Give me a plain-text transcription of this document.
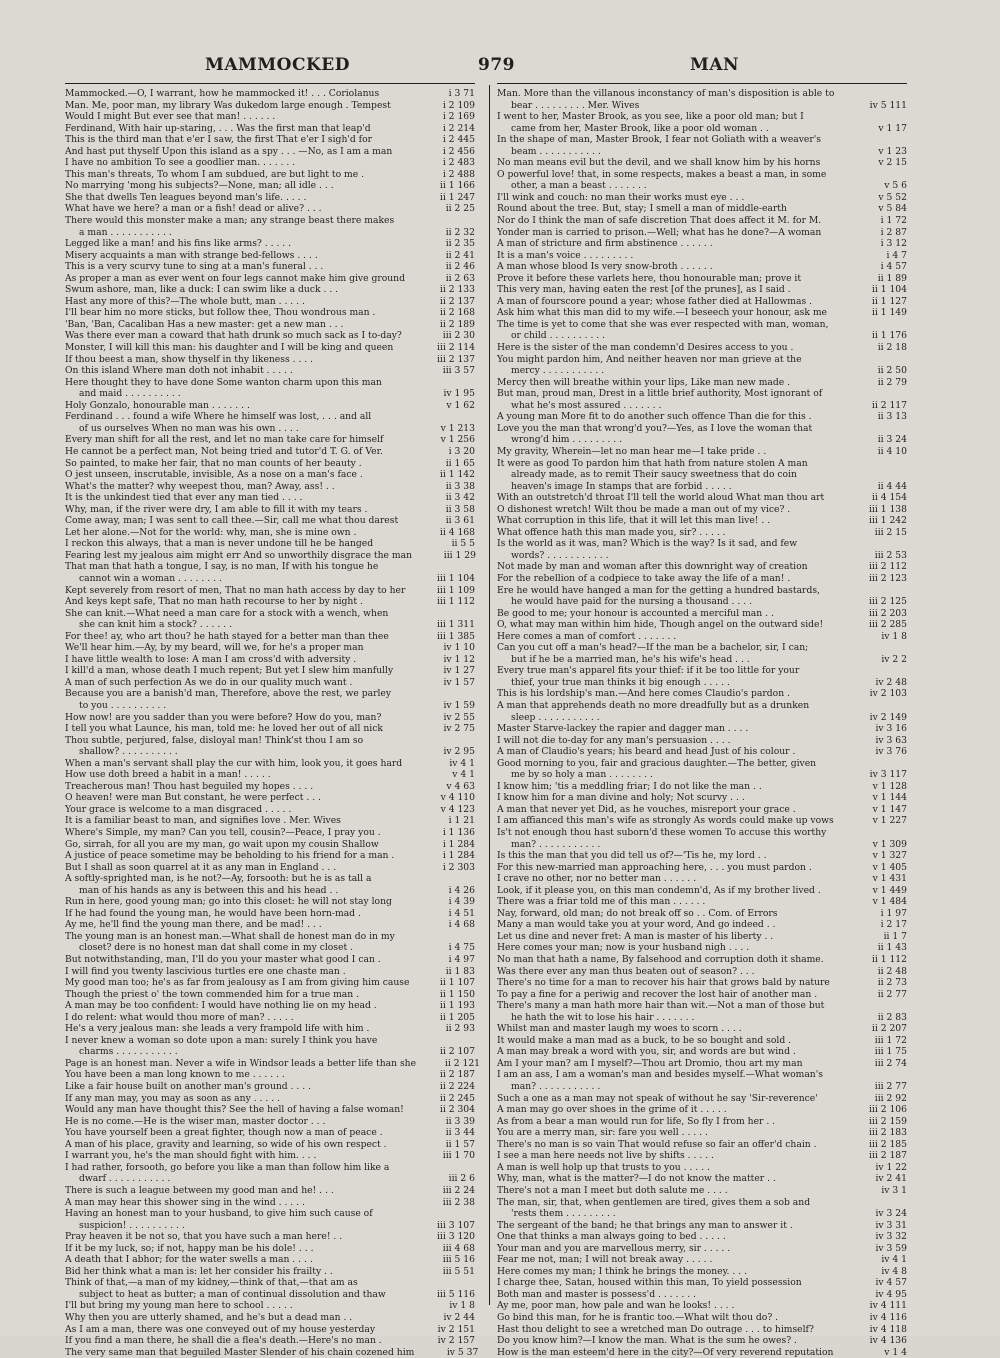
MAMMOCKED	979	MAN
Mammocked.—O, I warrant, how he mammocked it! . . . Coriolanus	i 3 71
Man. Me, poor man, my library Was dukedom large enough . Tempest	i 2 109
Would I might But ever see that man! . . . . . .	i 2 169
Ferdinand, With hair up-staring, . . . Was the first man that leap'd	i 2 214
This is the third man that e'er I saw, the first That e'er I sigh'd for	i 2 445
And hast put thyself Upon this island as a spy . . . —No, as I am a man	i 2 456
I have no ambition To see a goodlier man. . . . . . .	i 2 483
This man's threats, To whom I am subdued, are but light to me .	i 2 488
No marrying 'mong his subjects?—None, man; all idle . . .	ii 1 166
She that dwells Ten leagues beyond man's life. . . . .	ii 1 247
What have we here? a man or a fish! dead or alive? . . .	ii 2 25
There would this monster make a man; any strange beast there makes
a man . . . . . . . . . . .	ii 2 32
Legged like a man! and his fins like arms? . . . . .	ii 2 35
Misery acquaints a man with strange bed-fellows . . . .	ii 2 41
This is a very scurvy tune to sing at a man's funeral . . .	ii 2 46
As proper a man as ever went on four legs cannot make him give ground	ii 2 63
Swum ashore, man, like a duck: I can swim like a duck . . .	ii 2 133
Hast any more of this?—The whole butt, man . . . . .	ii 2 137
I'll bear him no more sticks, but follow thee, Thou wondrous man .	ii 2 168
'Ban, 'Ban, Cacaliban Has a new master: get a new man . . .	ii 2 189
Was there ever man a coward that hath drunk so much sack as I to-day?	iii 2 30
Monster, I will kill this man: his daughter and I will be king and queen	iii 2 114
If thou beest a man, show thyself in thy likeness . . . .	iii 2 137
On this island Where man doth not inhabit . . . . .	iii 3 57
Here thought they to have done Some wanton charm upon this man
and maid . . . . . . . . . .	iv 1 95
Holy Gonzalo, honourable man . . . . . . .	v 1 62
Ferdinand . . . found a wife Where he himself was lost, . . . and all
of us ourselves When no man was his own . . . .	v 1 213
Every man shift for all the rest, and let no man take care for himself	v 1 256
He cannot be a perfect man, Not being tried and tutor'd T. G. of Ver.	i 3 20
So painted, to make her fair, that no man counts of her beauty .	ii 1 65
O jest unseen, inscrutable, invisible, As a nose on a man's face .	ii 1 142
What's the matter? why weepest thou, man? Away, ass! . .	ii 3 38
It is the unkindest tied that ever any man tied . . . .	ii 3 42
Why, man, if the river were dry, I am able to fill it with my tears .	ii 3 58
Come away, man; I was sent to call thee.—Sir, call me what thou darest	ii 3 61
Let her alone.—Not for the world: why, man, she is mine own .	ii 4 168
I reckon this always, that a man is never undone till he be hanged	ii 5 5
Fearing lest my jealous aim might err And so unworthily disgrace the man	iii 1 29
That man that hath a tongue, I say, is no man, If with his tongue he
cannot win a woman . . . . . . . .	iii 1 104
Kept severely from resort of men, That no man hath access by day to her	iii 1 109
And keys kept safe, That no man hath recourse to her by night .	iii 1 112
She can knit.—What need a man care for a stock with a wench, when
she can knit him a stock? . . . . . .	iii 1 311
For thee! ay, who art thou? he hath stayed for a better man than thee	iii 1 385
We'll hear him.—Ay, by my beard, will we, for he's a proper man	iv 1 10
I have little wealth to lose: A man I am cross'd with adversity .	iv 1 12
I kill'd a man, whose death I much repent; But yet I slew him manfully	iv 1 27
A man of such perfection As we do in our quality much want .	iv 1 57
Because you are a banish'd man, Therefore, above the rest, we parley
to you . . . . . . . . . .	iv 1 59
How now! are you sadder than you were before? How do you, man?	iv 2 55
I tell you what Launce, his man, told me: he loved her out of all nick	iv 2 75
Thou subtle, perjured, false, disloyal man! Think'st thou I am so
shallow? . . . . . . . . . .	iv 2 95
When a man's servant shall play the cur with him, look you, it goes hard	iv 4 1
How use doth breed a habit in a man! . . . . .	v 4 1
Treacherous man! Thou hast beguiled my hopes . . . .	v 4 63
O heaven! were man But constant, he were perfect . . .	v 4 110
Your grace is welcome to a man disgraced . . . . .	v 4 123
It is a familiar beast to man, and signifies love . Mer. Wives	i 1 21
Where's Simple, my man? Can you tell, cousin?—Peace, I pray you .	i 1 136
Go, sirrah, for all you are my man, go wait upon my cousin Shallow	i 1 284
A justice of peace sometime may be beholding to his friend for a man .	i 1 284
But I shall as soon quarrel at it as any man in England . . .	i 2 303
A softly-sprighted man, is he not?—Ay, forsooth: but he is as tall a
man of his hands as any is between this and his head . .	i 4 26
Run in here, good young man; go into this closet: he will not stay long	i 4 39
If he had found the young man, he would have been horn-mad .	i 4 51
Ay me, he'll find the young man there, and be mad! . . .	i 4 68
The young man is an honest man.—What shall de honest man do in my
closet? dere is no honest man dat shall come in my closet .	i 4 75
But notwithstanding, man, I'll do you your master what good I can .	i 4 97
I will find you twenty lascivious turtles ere one chaste man .	ii 1 83
My good man too; he's as far from jealousy as I am from giving him cause	ii 1 107
Though the priest o' the town commended him for a true man .	ii 1 150
A man may be too confident: I would have nothing lie on my head .	ii 1 193
I do relent: what would thou more of man? . . . . .	ii 1 205
He's a very jealous man: she leads a very frampold life with him .	ii 2 93
I never knew a woman so dote upon a man: surely I think you have
charms . . . . . . . . . . .	ii 2 107
Page is an honest man. Never a wife in Windsor leads a better life than she	ii 2 121
You have been a man long known to me . . . . . .	ii 2 187
Like a fair house built on another man's ground . . . .	ii 2 224
If any man may, you may as soon as any . . . . .	ii 2 245
Would any man have thought this? See the hell of having a false woman!	ii 2 304
He is no come.—He is the wiser man, master doctor . . .	ii 3 39
You have yourself been a great fighter, though now a man of peace .	ii 3 44
A man of his place, gravity and learning, so wide of his own respect .	ii 1 57
I warrant you, he's the man should fight with him. . . .	iii 1 70
I had rather, forsooth, go before you like a man than follow him like a
dwarf . . . . . . . . . . .	iii 2 6
There is such a league between my good man and he! . . .	iii 2 24
A man may hear this shower sing in the wind . . . . .	iii 2 38
Having an honest man to your husband, to give him such cause of
suspicion! . . . . . . . . . .	iii 3 107
Pray heaven it be not so, that you have such a man here! . .	iii 3 120
If it be my luck, so; if not, happy man be his dole! . . .	iii 4 68
A death that I abhor; for the water swells a man . . . .	iii 5 16
Bid her think what a man is: let her consider his frailty . .	iii 5 51
Think of that,—a man of my kidney,—think of that,—that am as
subject to heat as butter; a man of continual dissolution and thaw	iii 5 116
I'll but bring my young man here to school . . . . .	iv 1 8
Why then you are utterly shamed, and he's but a dead man . .	iv 2 44
As I am a man, there was one conveyed out of my house yesterday	iv 2 151
If you find a man there, he shall die a flea's death.—Here's no man .	iv 2 157
The very same man that beguiled Master Slender of his chain cozened him	iv 5 37
Man. More than the villanous inconstancy of man's disposition is able to
bear . . . . . . . . . Mer. Wives	iv 5 111
I went to her, Master Brook, as you see, like a poor old man; but I
came from her, Master Brook, like a poor old woman . .	v 1 17
In the shape of man, Master Brook, I fear not Goliath with a weaver's
beam . . . . . . . . . . .	v 1 23
No man means evil but the devil, and we shall know him by his horns	v 2 15
O powerful love! that, in some respects, makes a beast a man, in some
other, a man a beast . . . . . . .	v 5 6
I'll wink and couch: no man their works must eye . . .	v 5 52
Round about the tree. But, stay; I smell a man of middle-earth	v 5 84
Nor do I think the man of safe discretion That does affect it M. for M.	i 1 72
Yonder man is carried to prison.—Well; what has he done?—A woman	i 2 87
A man of stricture and firm abstinence . . . . . .	i 3 12
It is a man's voice . . . . . . . . .	i 4 7
A man whose blood Is very snow-broth . . . . . .	i 4 57
Prove it before these varlets here, thou honourable man; prove it	ii 1 89
This very man, having eaten the rest [of the prunes], as I said .	ii 1 104
A man of fourscore pound a year; whose father died at Hallowmas .	ii 1 127
Ask him what this man did to my wife.—I beseech your honour, ask me	ii 1 149
The time is yet to come that she was ever respected with man, woman,
or child . . . . . . . . . .	ii 1 176
Here is the sister of the man condemn'd Desires access to you .	ii 2 18
You might pardon him, And neither heaven nor man grieve at the
mercy . . . . . . . . . . .	ii 2 50
Mercy then will breathe within your lips, Like man new made .	ii 2 79
But man, proud man, Drest in a little brief authority, Most ignorant of
what he's most assured . . . . . . .	ii 2 117
A young man More fit to do another such offence Than die for this .	ii 3 13
Love you the man that wrong'd you?—Yes, as I love the woman that
wrong'd him . . . . . . . . .	ii 3 24
My gravity, Wherein—let no man hear me—I take pride . .	ii 4 10
It were as good To pardon him that hath from nature stolen A man
already made, as to remit Their saucy sweetness that do coin
heaven's image In stamps that are forbid . . . . .	ii 4 44
With an outstretch'd throat I'll tell the world aloud What man thou art	ii 4 154
O dishonest wretch! Wilt thou be made a man out of my vice? .	iii 1 138
What corruption in this life, that it will let this man live! . .	iii 1 242
What offence hath this man made you, sir? . . . . .	iii 2 15
Is the world as it was, man? Which is the way? Is it sad, and few
words? . . . . . . . . . . .	iii 2 53
Not made by man and woman after this downright way of creation	iii 2 112
For the rebellion of a codpiece to take away the life of a man! .	iii 2 123
Ere he would have hanged a man for the getting a hundred bastards,
he would have paid for the nursing a thousand . . . .	iii 2 125
Be good to me; your honour is accounted a merciful man . .	iii 2 203
O, what may man within him hide, Though angel on the outward side!	iii 2 285
Here comes a man of comfort . . . . . . .	iv 1 8
Can you cut off a man's head?—If the man be a bachelor, sir, I can;
but if he be a married man, he's his wife's head . . .	iv 2 2
Every true man's apparel fits your thief: if it be too little for your
thief, your true man thinks it big enough . . . . .	iv 2 48
This is his lordship's man.—And here comes Claudio's pardon .	iv 2 103
A man that apprehends death no more dreadfully but as a drunken
sleep . . . . . . . . . . .	iv 2 149
Master Starve-lackey the rapier and dagger man . . . .	iv 3 16
I will not die to-day for any man's persuasion . . . .	iv 3 63
A man of Claudio's years; his beard and head Just of his colour .	iv 3 76
Good morning to you, fair and gracious daughter.—The better, given
me by so holy a man . . . . . . . .	iv 3 117
I know him; 'tis a meddling friar; I do not like the man . .	v 1 128
I know him for a man divine and holy; Not scurvy . . .	v 1 144
A man that never yet Did, as he vouches, misreport your grace .	v 1 147
I am affianced this man's wife as strongly As words could make up vows	v 1 227
Is't not enough thou hast suborn'd these women To accuse this worthy
man? . . . . . . . . . . .	v 1 309
Is this the man that you did tell us of?—'Tis he, my lord . .	v 1 327
For this new-married man approaching here, . . . you must pardon .	v 1 405
I crave no other, nor no better man . . . . . .	v 1 431
Look, if it please you, on this man condemn'd, As if my brother lived .	v 1 449
There was a friar told me of this man . . . . . .	v 1 484
Nay, forward, old man; do not break off so . . Com. of Errors	i 1 97
Many a man would take you at your word, And go indeed . .	i 2 17
Let us dine and never fret: A man is master of his liberty . .	ii 1 7
Here comes your man; now is your husband nigh . . . .	ii 1 43
No man that hath a name, By falsehood and corruption doth it shame.	ii 1 112
Was there ever any man thus beaten out of season? . . .	ii 2 48
There's no time for a man to recover his hair that grows bald by nature	ii 2 73
To pay a fine for a periwig and recover the lost hair of another man .	ii 2 77
There's many a man hath more hair than wit.—Not a man of those but
he hath the wit to lose his hair . . . . . . .	ii 2 83
Whilst man and master laugh my woes to scorn . . . .	ii 2 207
It would make a man mad as a buck, to be so bought and sold .	iii 1 72
A man may break a word with you, sir, and words are but wind .	iii 1 75
Am I your man? am I myself?—Thou art Dromio, thou art my man	iii 2 74
I am an ass, I am a woman's man and besides myself.—What woman's
man? . . . . . . . . . . .	iii 2 77
Such a one as a man may not speak of without he say 'Sir-reverence'	iii 2 92
A man may go over shoes in the grime of it . . . . .	iii 2 106
As from a bear a man would run for life, So fly I from her . .	iii 2 159
You are a merry man, sir: fare you well . . . . .	iii 2 183
There's no man is so vain That would refuse so fair an offer'd chain .	iii 2 185
I see a man here needs not live by shifts . . . . .	iii 2 187
A man is well holp up that trusts to you . . . . .	iv 1 22
Why, man, what is the matter?—I do not know the matter . .	iv 2 41
There's not a man I meet but doth salute me . . . .	iv 3 1
The man, sir, that, when gentlemen are tired, gives them a sob and
'rests them . . . . . . . . .	iv 3 24
The sergeant of the band; he that brings any man to answer it .	iv 3 31
One that thinks a man always going to bed . . . . .	iv 3 32
Your man and you are marvellous merry, sir . . . . .	iv 3 59
Fear me not, man; I will not break away . . . . .	iv 4 1
Here comes my man; I think he brings the money. . . .	iv 4 8
I charge thee, Satan, housed within this man, To yield possession	iv 4 57
Both man and master is possess'd . . . . . . .	iv 4 95
Ay me, poor man, how pale and wan he looks! . . . .	iv 4 111
Go bind this man, for he is frantic too.—What wilt thou do? .	iv 4 116
Hast thou delight to see a wretched man Do outrage . . . to himself?	iv 4 118
Do you know him?—I know the man. What is the sum he owes? .	iv 4 136
How is the man esteem'd here in the city?—Of very reverend reputation	v 1 4
